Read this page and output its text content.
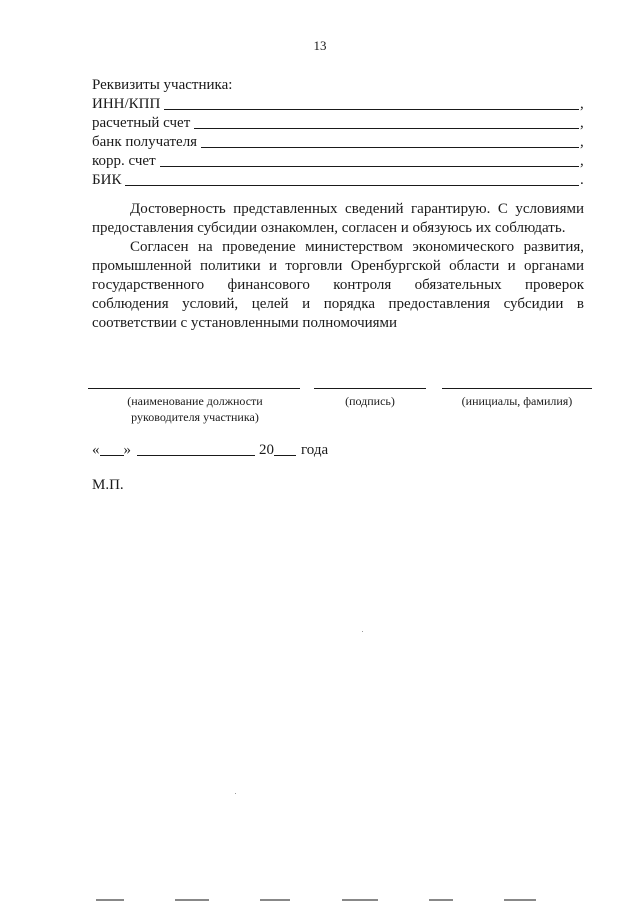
13
Реквизиты участника:
ИНН/КПП	,
расчетный счет	,
банк получателя	,
корр. счет	,
БИК	.

Достоверность представленных сведений гарантирую. С условиями предоставления субсидии ознакомлен, согласен и обязуюсь их соблюдать.

Согласен на проведение министерством экономического развития, промышленной политики и торговли Оренбургской области и органами государственного финансового контроля обязательных проверок соблюдения условий, целей и порядка предоставления субсидии в соответствии с установленными полномочиями

(наименование должности
руководителя участника)
(подпись)	(инициалы, фамилия)
« »	20 года
М.П.
